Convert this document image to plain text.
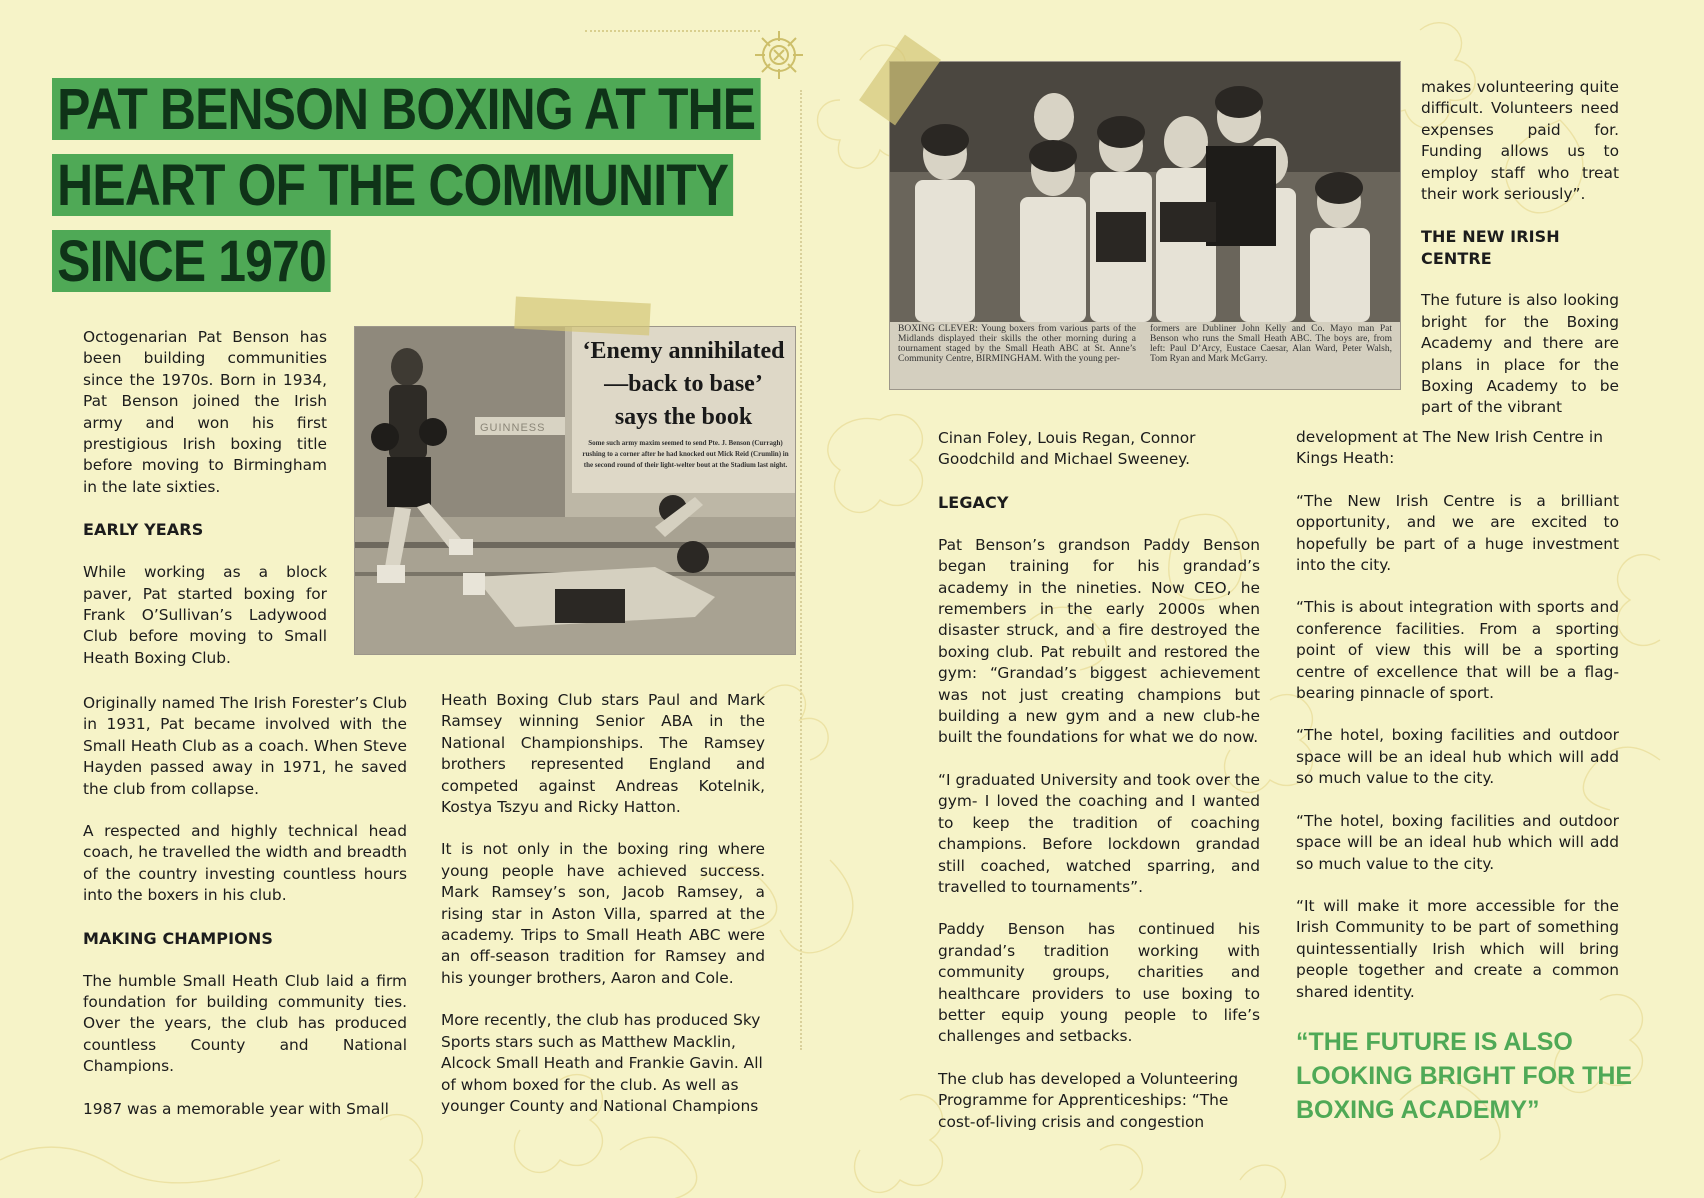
PAT BENSON BOXING AT THE
HEART OF THE COMMUNITY
SINCE 1970

Octogenarian Pat Benson has been building communities since the 1970s. Born in 1934, Pat Benson joined the Irish army and won his first prestigious Irish boxing title before moving to Birmingham in the late sixties.

EARLY YEARS

While working as a block paver, Pat started boxing for Frank O’Sullivan’s Ladywood Club before moving to Small Heath Boxing Club.

Originally named The Irish Forester’s Club in 1931, Pat became involved with the Small Heath Club as a coach. When Steve Hayden passed away in 1971, he saved the club from collapse.

A respected and highly technical head coach, he travelled the width and breadth of the country investing countless hours into the boxers in his club.

MAKING CHAMPIONS

The humble Small Heath Club laid a firm foundation for building community ties. Over the years, the club has produced countless County and National Champions.

1987 was a memorable year with Small

‘Enemy annihilated
—back to base’
says the book
Some such army maxim seemed to send Pte. J. Benson (Curragh) rushing to a corner after he had knocked out Mick Reid (Crumlin) in the second round of their light-welter bout at the Stadium last night.
GUINNESS

Heath Boxing Club stars Paul and Mark Ramsey winning Senior ABA in the National Championships. The Ramsey brothers represented England and competed against Andreas Kotelnik, Kostya Tszyu and Ricky Hatton.

It is not only in the boxing ring where young people have achieved success. Mark Ramsey’s son, Jacob Ramsey, a rising star in Aston Villa, sparred at the academy. Trips to Small Heath ABC were an off-season tradition for Ramsey and his younger brothers, Aaron and Cole.

More recently, the club has produced Sky Sports stars such as Matthew Macklin, Alcock Small Heath and Frankie Gavin. All of whom boxed for the club. As well as younger County and National Champions

BOXING CLEVER: Young boxers from various parts of the Midlands displayed their skills the other morning during a tournament staged by the Small Heath ABC at St. Anne’s Community Centre, BIRMINGHAM. With the young per-
formers are Dubliner John Kelly and Co. Mayo man Pat Benson who runs the Small Heath ABC. The boys are, from left: Paul D’Arcy, Eustace Caesar, Alan Ward, Peter Walsh, Tom Ryan and Mark McGarry.

Cinan Foley, Louis Regan, Connor Goodchild and Michael Sweeney.

LEGACY

Pat Benson’s grandson Paddy Benson began training for his grandad’s academy in the nineties. Now CEO, he remembers in the early 2000s when disaster struck, and a fire destroyed the boxing club. Pat rebuilt and restored the gym: “Grandad’s biggest achievement was not just creating champions but building a new gym and a new club-he built the foundations for what we do now.

“I graduated University and took over the gym- I loved the coaching and I wanted to keep the tradition of coaching champions. Before lockdown grandad still coached, watched sparring, and travelled to tournaments”.

Paddy Benson has continued his grandad’s tradition working with community groups, charities and healthcare providers to use boxing to better equip young people to life’s challenges and setbacks.

The club has developed a Volunteering Programme for Apprenticeships: “The cost-of-living crisis and congestion

makes volunteering quite difficult. Volunteers need expenses paid for. Funding allows us to employ staff who treat their work seriously”.

THE NEW IRISH
CENTRE

The future is also looking bright for the Boxing Academy and there are plans in place for the Boxing Academy to be part of the vibrant

development at The New Irish Centre in Kings Heath:

“The New Irish Centre is a brilliant opportunity, and we are excited to hopefully be part of a huge investment into the city.

“This is about integration with sports and conference facilities. From a sporting point of view this will be a sporting centre of excellence that will be a flag-bearing pinnacle of sport.

“The hotel, boxing facilities and outdoor space will be an ideal hub which will add so much value to the city.

“The hotel, boxing facilities and outdoor space will be an ideal hub which will add so much value to the city.

“It will make it more accessible for the Irish Community to be part of something quintessentially Irish which will bring people together and create a common shared identity.

“THE FUTURE IS ALSO LOOKING BRIGHT FOR THE BOXING ACADEMY”
